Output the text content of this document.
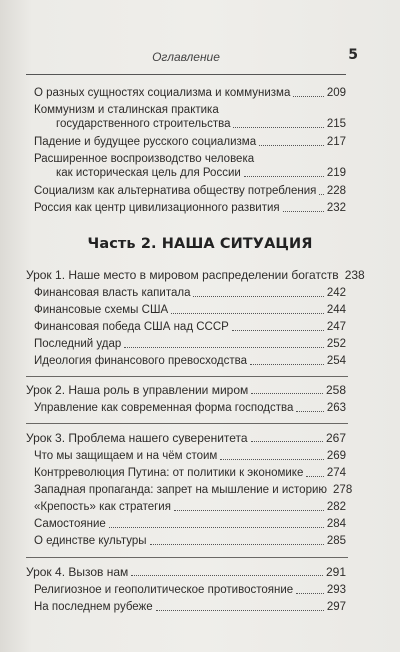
Оглавление	5
О разных сущностях социализма и коммунизма	209
Коммунизм и сталинская практика
государственного строительства	215
Падение и будущее русского социализма	217
Расширенное воспроизводство человека
как историческая цель для России	219
Социализм как альтернатива обществу потребления 228
Россия как центр цивилизационного развития	232
Часть 2. НАША СИТУАЦИЯ
Урок 1. Наше место в мировом распределении богатств 238
Финансовая власть капитала	242
Финансовые схемы США	244
Финансовая победа США над СССР	247
Последний удар	252
Идеология финансового превосходства	254
Урок 2. Наша роль в управлении миром	258
Управление как современная форма господства	263
Урок 3. Проблема нашего суверенитета	267
Что мы защищаем и на чём стоим	269
Контрреволюция Путина: от политики к экономике 274
Западная пропаганда: запрет на мышление и историю 278
«Крепость» как стратегия	282
Самостояние	284
О единстве культуры	285
Урок 4. Вызов нам	291
Религиозное и геополитическое противостояние	293
На последнем рубеже	297
